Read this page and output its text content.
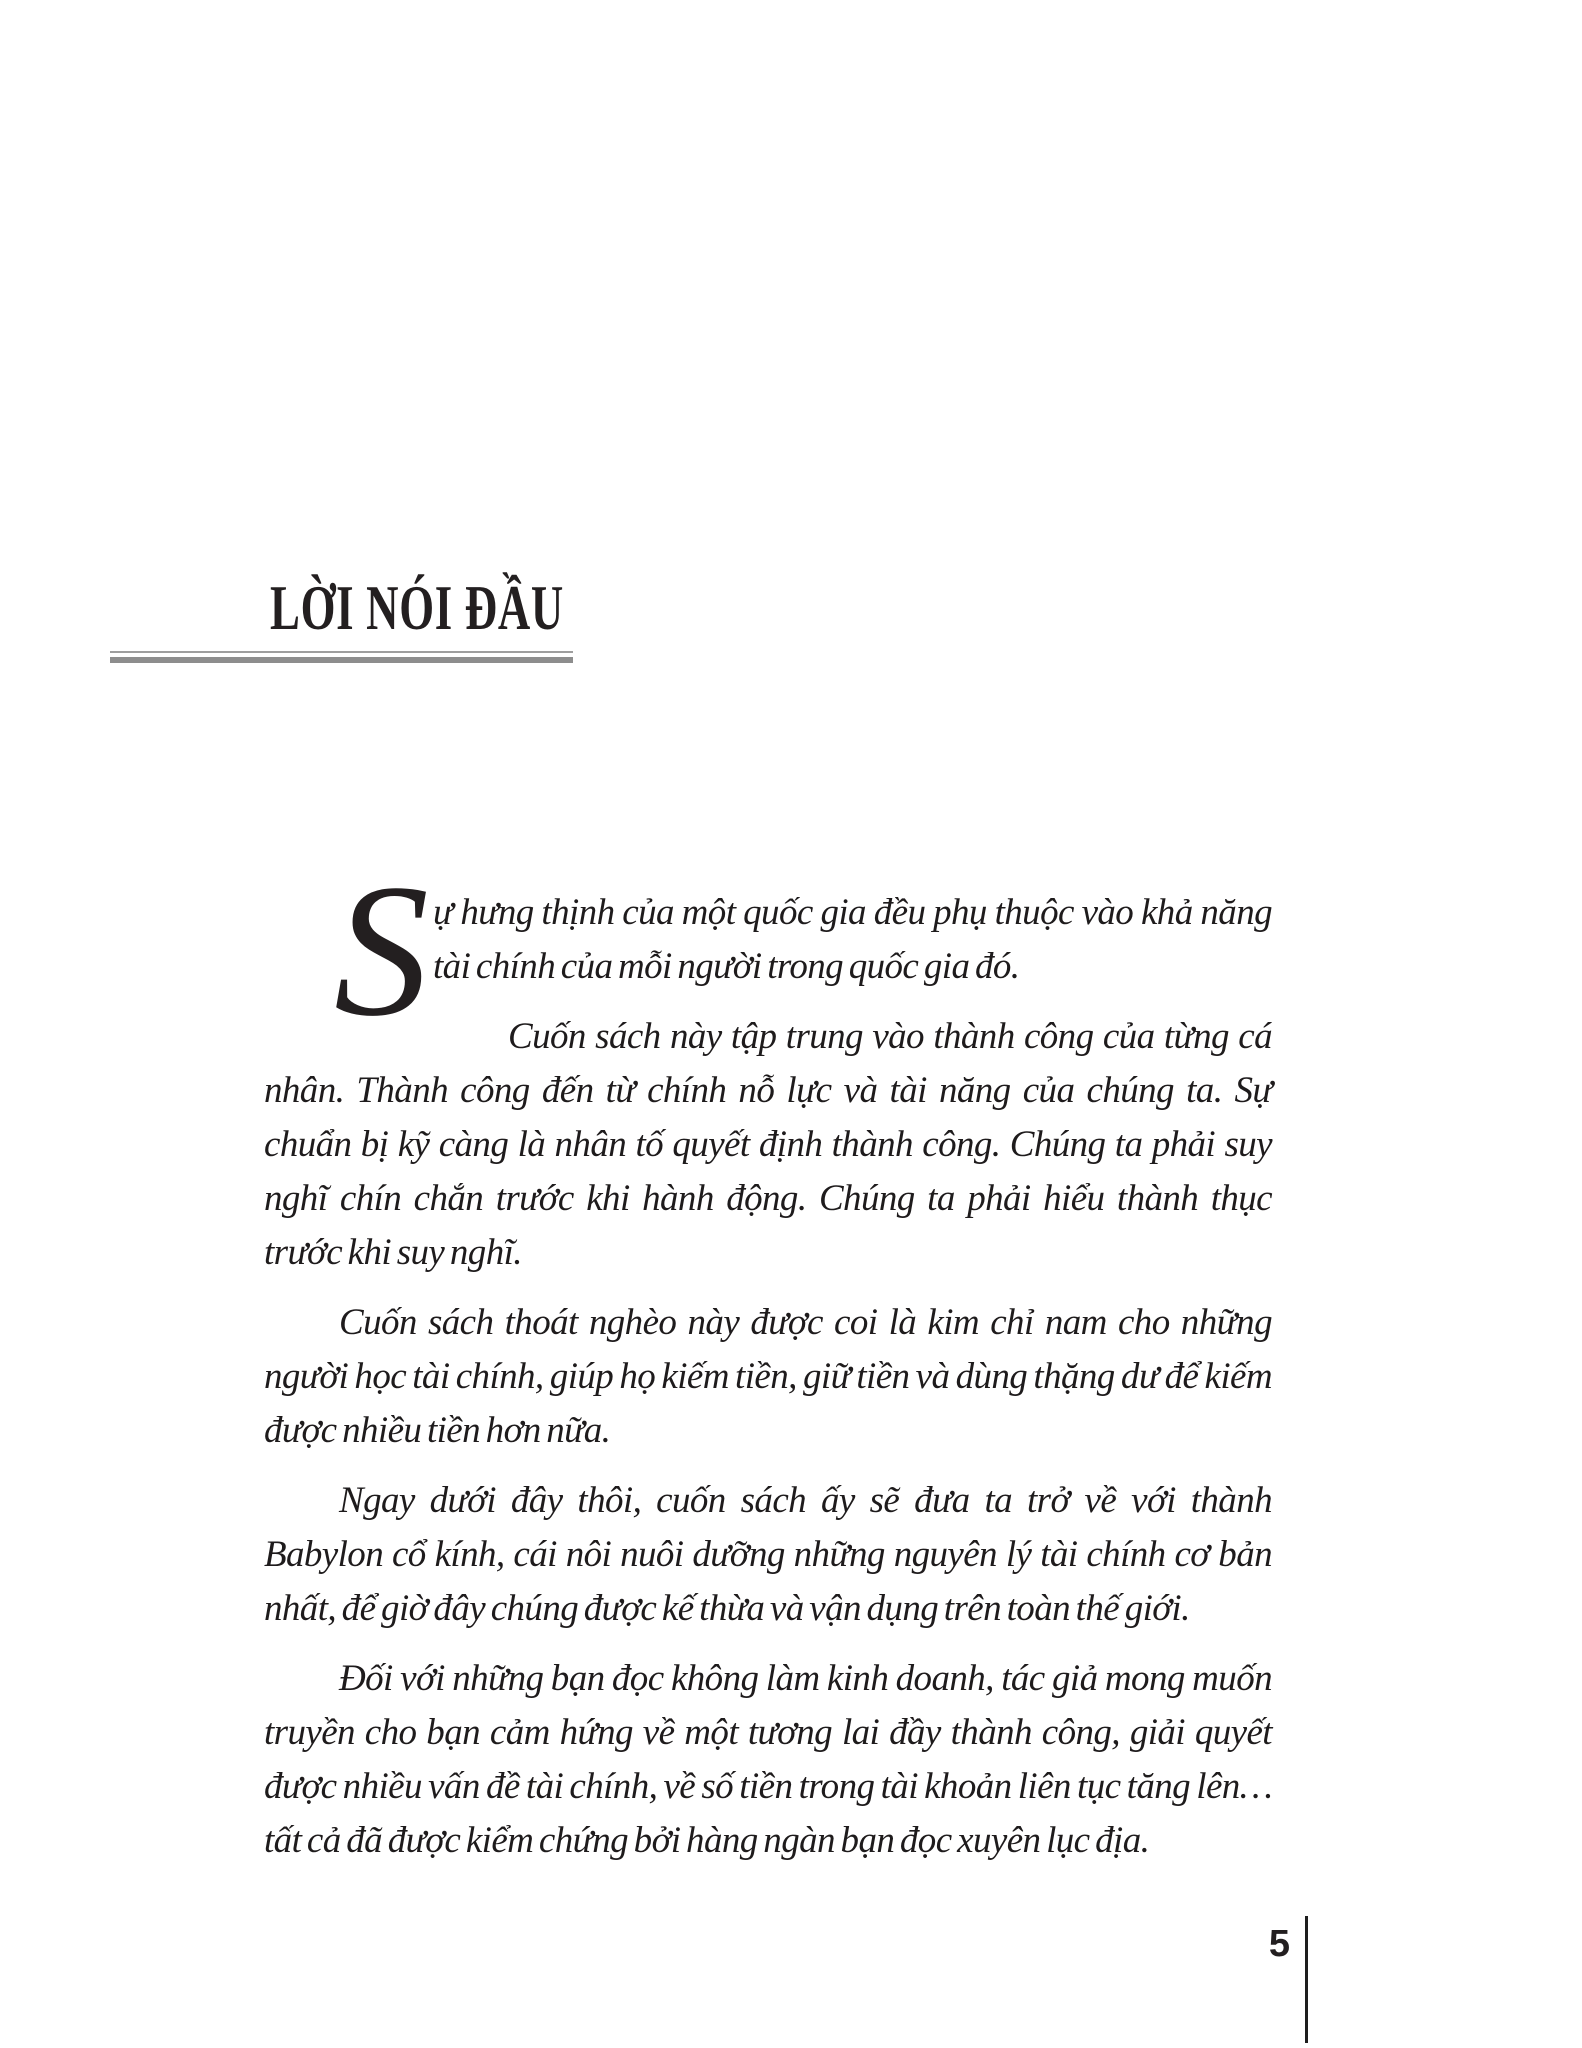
LỜI NÓI ĐẦU

Sự hưng thịnh của một quốc gia đều phụ thuộc vào khả năng tài chính của mỗi người trong quốc gia đó.

Cuốn sách này tập trung vào thành công của từng cá nhân. Thành công đến từ chính nỗ lực và tài năng của chúng ta. Sự chuẩn bị kỹ càng là nhân tố quyết định thành công. Chúng ta phải suy nghĩ chín chắn trước khi hành động. Chúng ta phải hiểu thành thục trước khi suy nghĩ.

Cuốn sách thoát nghèo này được coi là kim chỉ nam cho những người học tài chính, giúp họ kiếm tiền, giữ tiền và dùng thặng dư để kiếm được nhiều tiền hơn nữa.

Ngay dưới đây thôi, cuốn sách ấy sẽ đưa ta trở về với thành Babylon cổ kính, cái nôi nuôi dưỡng những nguyên lý tài chính cơ bản nhất, để giờ đây chúng được kế thừa và vận dụng trên toàn thế giới.

Đối với những bạn đọc không làm kinh doanh, tác giả mong muốn truyền cho bạn cảm hứng về một tương lai đầy thành công, giải quyết được nhiều vấn đề tài chính, về số tiền trong tài khoản liên tục tăng lên… tất cả đã được kiểm chứng bởi hàng ngàn bạn đọc xuyên lục địa.

5
